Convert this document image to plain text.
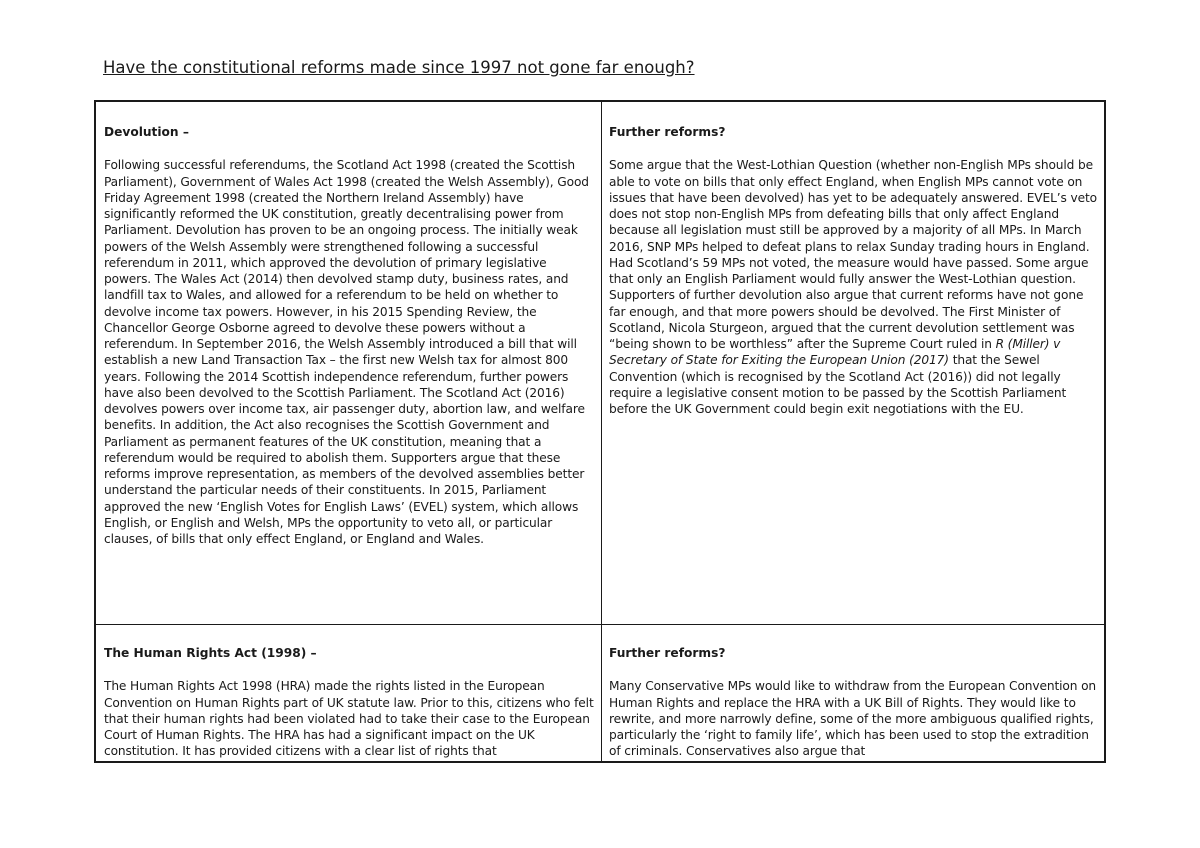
Have the constitutional reforms made since 1997 not gone far enough?

Devolution –

Following successful referendums, the Scotland Act 1998 (created the Scottish Parliament), Government of Wales Act 1998 (created the Welsh Assembly), Good Friday Agreement 1998 (created the Northern Ireland Assembly) have significantly reformed the UK constitution, greatly decentralising power from Parliament. Devolution has proven to be an ongoing process. The initially weak powers of the Welsh Assembly were strengthened following a successful referendum in 2011, which approved the devolution of primary legislative powers. The Wales Act (2014) then devolved stamp duty, business rates, and landfill tax to Wales, and allowed for a referendum to be held on whether to devolve income tax powers. However, in his 2015 Spending Review, the Chancellor George Osborne agreed to devolve these powers without a referendum. In September 2016, the Welsh Assembly introduced a bill that will establish a new Land Transaction Tax – the first new Welsh tax for almost 800 years. Following the 2014 Scottish independence referendum, further powers have also been devolved to the Scottish Parliament. The Scotland Act (2016) devolves powers over income tax, air passenger duty, abortion law, and welfare benefits. In addition, the Act also recognises the Scottish Government and Parliament as permanent features of the UK constitution, meaning that a referendum would be required to abolish them. Supporters argue that these reforms improve representation, as members of the devolved assemblies better understand the particular needs of their constituents. In 2015, Parliament approved the new ‘English Votes for English Laws’ (EVEL) system, which allows English, or English and Welsh, MPs the opportunity to veto all, or particular clauses, of bills that only effect England, or England and Wales.

Further reforms?

Some argue that the West-Lothian Question (whether non-English MPs should be able to vote on bills that only effect England, when English MPs cannot vote on issues that have been devolved) has yet to be adequately answered. EVEL’s veto does not stop non-English MPs from defeating bills that only affect England because all legislation must still be approved by a majority of all MPs. In March 2016, SNP MPs helped to defeat plans to relax Sunday trading hours in England. Had Scotland’s 59 MPs not voted, the measure would have passed. Some argue that only an English Parliament would fully answer the West-Lothian question. Supporters of further devolution also argue that current reforms have not gone far enough, and that more powers should be devolved. The First Minister of Scotland, Nicola Sturgeon, argued that the current devolution settlement was “being shown to be worthless” after the Supreme Court ruled in R (Miller) v Secretary of State for Exiting the European Union (2017) that the Sewel Convention (which is recognised by the Scotland Act (2016)) did not legally require a legislative consent motion to be passed by the Scottish Parliament before the UK Government could begin exit negotiations with the EU.

The Human Rights Act (1998) –

The Human Rights Act 1998 (HRA) made the rights listed in the European Convention on Human Rights part of UK statute law. Prior to this, citizens who felt that their human rights had been violated had to take their case to the European Court of Human Rights. The HRA has had a significant impact on the UK constitution. It has provided citizens with a clear list of rights that

Further reforms?

Many Conservative MPs would like to withdraw from the European Convention on Human Rights and replace the HRA with a UK Bill of Rights. They would like to rewrite, and more narrowly define, some of the more ambiguous qualified rights, particularly the ‘right to family life’, which has been used to stop the extradition of criminals. Conservatives also argue that
